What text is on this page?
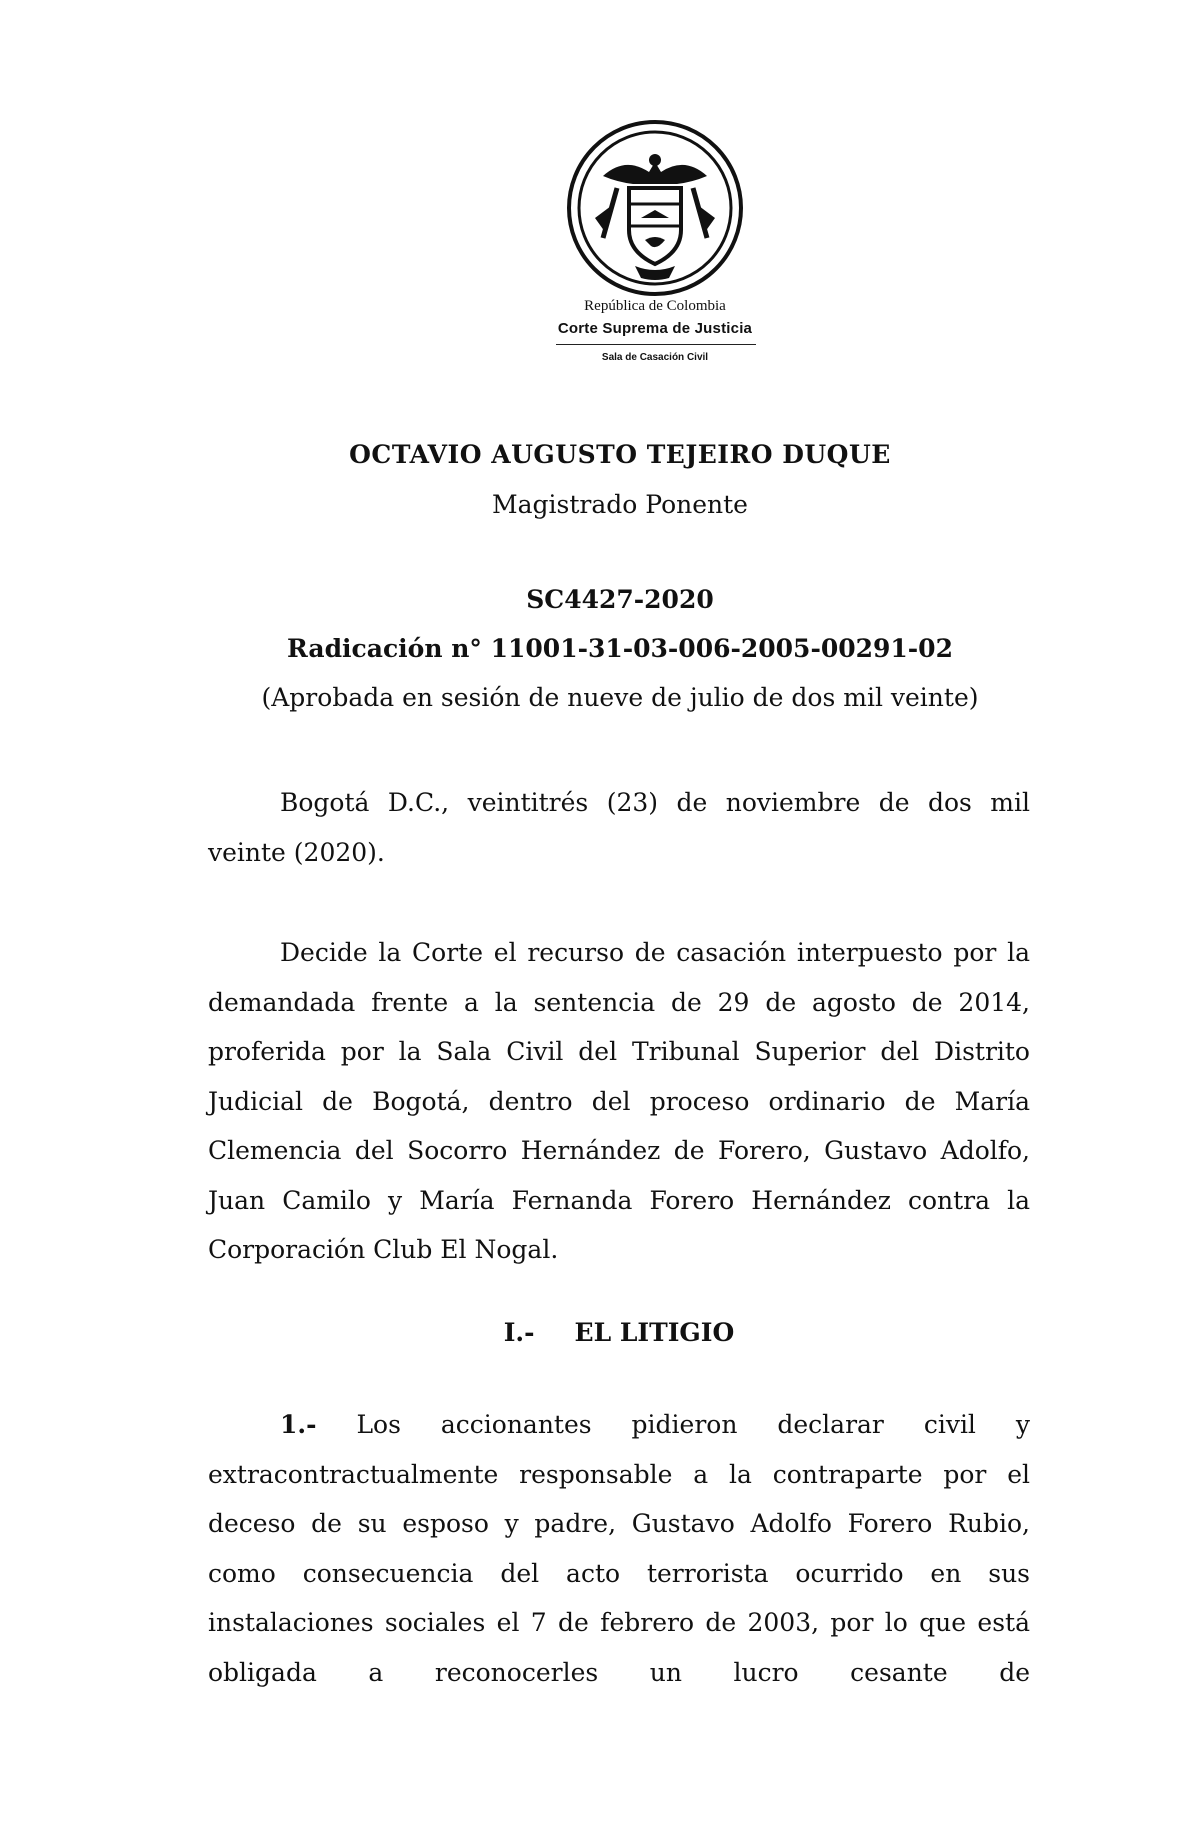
República de Colombia
Corte Suprema de Justicia
Sala de Casación Civil
OCTAVIO AUGUSTO TEJEIRO DUQUE
Magistrado Ponente
SC4427-2020
Radicación n° 11001-31-03-006-2005-00291-02
(Aprobada en sesión de nueve de julio de dos mil veinte)

Bogotá D.C., veintitrés (23) de noviembre de dos mil veinte (2020).

Decide la Corte el recurso de casación interpuesto por la demandada frente a la sentencia de 29 de agosto de 2014, proferida por la Sala Civil del Tribunal Superior del Distrito Judicial de Bogotá, dentro del proceso ordinario de María Clemencia del Socorro Hernández de Forero, Gustavo Adolfo, Juan Camilo y María Fernanda Forero Hernández contra la Corporación Club El Nogal.

I.- EL LITIGIO

1.- Los accionantes pidieron declarar civil y extracontractualmente responsable a la contraparte por el deceso de su esposo y padre, Gustavo Adolfo Forero Rubio, como consecuencia del acto terrorista ocurrido en sus instalaciones sociales el 7 de febrero de 2003, por lo que está obligada a reconocerles un lucro cesante de
